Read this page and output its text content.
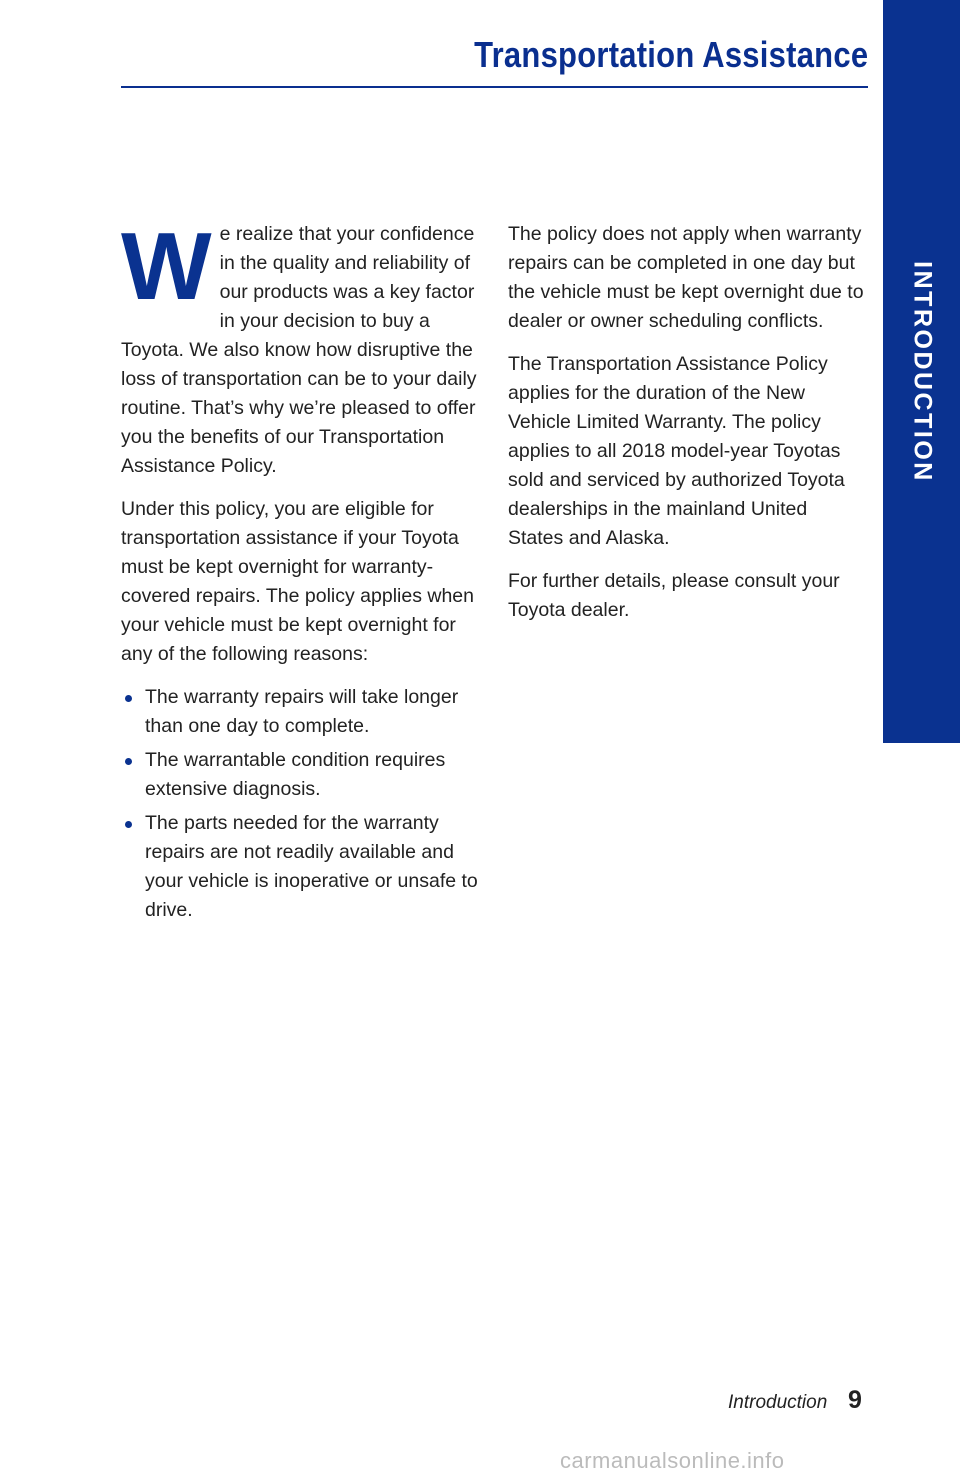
Transportation Assistance
INTRODUCTION

We realize that your confidence in the quality and reliability of our products was a key factor in your decision to buy a Toyota. We also know how disruptive the loss of transportation can be to your daily routine. That’s why we’re pleased to offer you the benefits of our Transportation Assistance Policy.

Under this policy, you are eligible for transportation assistance if your Toyota must be kept overnight for warranty-covered repairs. The policy applies when your vehicle must be kept overnight for any of the following reasons:

The warranty repairs will take longer than one day to complete.
The warrantable condition requires extensive diagnosis.
The parts needed for the warranty repairs are not readily available and your vehicle is inoperative or unsafe to drive.

The policy does not apply when warranty repairs can be completed in one day but the vehicle must be kept overnight due to dealer or owner scheduling conflicts.

The Transportation Assistance Policy applies for the duration of the New Vehicle Limited Warranty. The policy applies to all 2018 model-year Toyotas sold and serviced by authorized Toyota dealerships in the mainland United States and Alaska.

For further details, please consult your Toyota dealer.

Introduction 9
carmanualsonline.info
